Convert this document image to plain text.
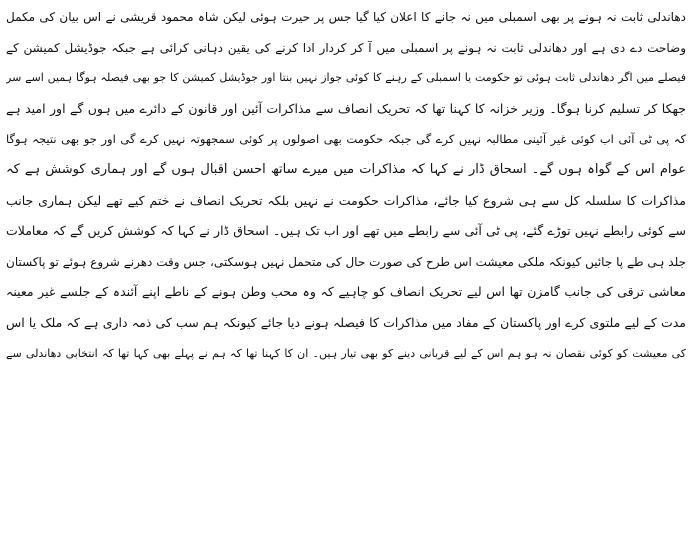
دھاندلی ثابت نہ ہونے پر بھی اسمبلی میں نہ جانے کا اعلان کیا گیا جس پر حیرت ہوئی لیکن شاہ محمود قریشی نے اس بیان کی مکمل
وضاحت دے دی ہے اور دھاندلی ثابت نہ ہونے پر اسمبلی میں آ کر کردار ادا کرنے کی یقین دہانی کرائی ہے جبکہ جوڈیشل کمیشن کے
فیصلے میں اگر دھاندلی ثابت ہوئی تو حکومت یا اسمبلی کے رہنے کا کوئی جواز نہیں بنتا اور جوڈیشل کمیشن کا جو بھی فیصلہ ہوگا ہمیں اسے سر
جھکا کر تسلیم کرنا ہوگا۔ وزیر خزانہ کا کہنا تھا کہ تحریک انصاف سے مذاکرات آئین اور قانون کے دائرے میں ہوں گے اور امید ہے
کہ پی ٹی آئی اب کوئی غیر آئینی مطالبہ نہیں کرے گی جبکہ حکومت بھی اصولوں پر کوئی سمجھوتہ نہیں کرے گی اور جو بھی نتیجہ ہوگا
عوام اس کے گواہ ہوں گے۔ اسحاق ڈار نے کہا کہ مذاکرات میں میرے ساتھ احسن اقبال ہوں گے اور ہماری کوشش ہے کہ
مذاکرات کا سلسلہ کل سے ہی شروع کیا جائے، مذاکرات حکومت نے نہیں بلکہ تحریک انصاف نے ختم کیے تھے لیکن ہماری جانب
سے کوئی رابطے نہیں توڑے گئے، پی ٹی آئی سے رابطے میں تھے اور اب تک ہیں۔ اسحاق ڈار نے کہا کہ کوشش کریں گے کہ معاملات
جلد ہی طے پا جائیں کیونکہ ملکی معیشت اس طرح کی صورت حال کی متحمل نہیں ہوسکتی، جس وقت دھرنے شروع ہوئے تو پاکستان
معاشی ترقی کی جانب گامزن تھا اس لیے تحریک انصاف کو چاہیے کہ وہ محب وطن ہونے کے ناطے اپنے آئندہ کے جلسے غیر معینہ
مدت کے لیے ملتوی کرے اور پاکستان کے مفاد میں مذاکرات کا فیصلہ ہونے دیا جائے کیونکہ ہم سب کی ذمہ داری ہے کہ ملک یا اس
کی معیشت کو کوئی نقصان نہ ہو ہم اس کے لیے قربانی دینے کو بھی تیار ہیں۔ ان کا کہنا تھا کہ ہم نے پہلے بھی کہا تھا کہ انتخابی دھاندلی سے
